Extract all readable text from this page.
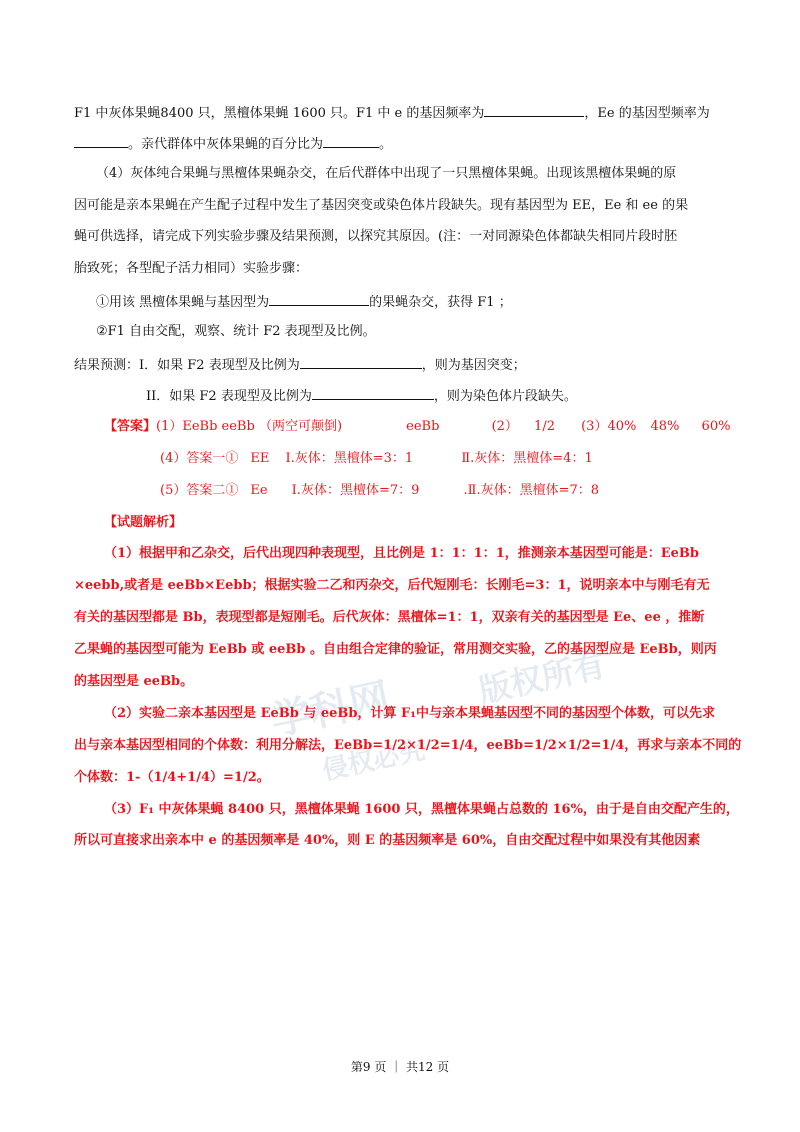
学科网	版权所有
侵权必究
F1 中灰体果蝇8400 只，黑檀体果蝇 1600 只。F1 中 e 的基因频率为	，Ee 的基因型频率为
。亲代群体中灰体果蝇的百分比为	。
（4）灰体纯合果蝇与黑檀体果蝇杂交，在后代群体中出现了一只黑檀体果蝇。出现该黑檀体果蝇的原
因可能是亲本果蝇在产生配子过程中发生了基因突变或染色体片段缺失。现有基因型为 EE，Ee 和 ee 的果
蝇可供选择，请完成下列实验步骤及结果预测，以探究其原因。(注：一对同源染色体都缺失相同片段时胚
胎致死；各型配子活力相同）实验步骤：
①用该 黑檀体果蝇与基因型为	的果蝇杂交，获得 F1 ；
②F1 自由交配，观察、统计 F2 表现型及比例。
结果预测：I．如果 F2 表现型及比例为	，则为基因突变；
II．如果 F2 表现型及比例为	，则为染色体片段缺失。
【答案】(1）EeBb eeBb （两空可颠倒)	eeBb	(2） 1/2 (3）40% 48% 60%
(4）答案一① EE Ⅰ.灰体：黑檀体=3：1	Ⅱ.灰体：黑檀体=4：1
(5）答案二① Ee Ⅰ.灰体：黑檀体=7：9	.Ⅱ.灰体：黑檀体=7：8
【试题解析】
（1）根据甲和乙杂交，后代出现四种表现型，且比例是 1：1：1：1，推测亲本基因型可能是：EeBb
×eebb,或者是 eeBb×Eebb；根据实验二乙和丙杂交，后代短刚毛：长刚毛=3：1，说明亲本中与刚毛有无
有关的基因型都是 Bb，表现型都是短刚毛。后代灰体：黑檀体=1：1，双亲有关的基因型是 Ee、ee ，推断
乙果蝇的基因型可能为 EeBb 或 eeBb 。自由组合定律的验证，常用测交实验，乙的基因型应是 EeBb，则丙
的基因型是 eeBb。
（2）实验二亲本基因型是 EeBb 与 eeBb，计算 F₁中与亲本果蝇基因型不同的基因型个体数，可以先求
出与亲本基因型相同的个体数：利用分解法，EeBb=1/2×1/2=1/4，eeBb=1/2×1/2=1/4，再求与亲本不同的
个体数：1-（1/4+1/4）=1/2。
（3）F₁ 中灰体果蝇 8400 只，黑檀体果蝇 1600 只，黑檀体果蝇占总数的 16%，由于是自由交配产生的，
所以可直接求出亲本中 e 的基因频率是 40%，则 E 的基因频率是 60%，自由交配过程中如果没有其他因素
第9 页 ｜ 共12 页
